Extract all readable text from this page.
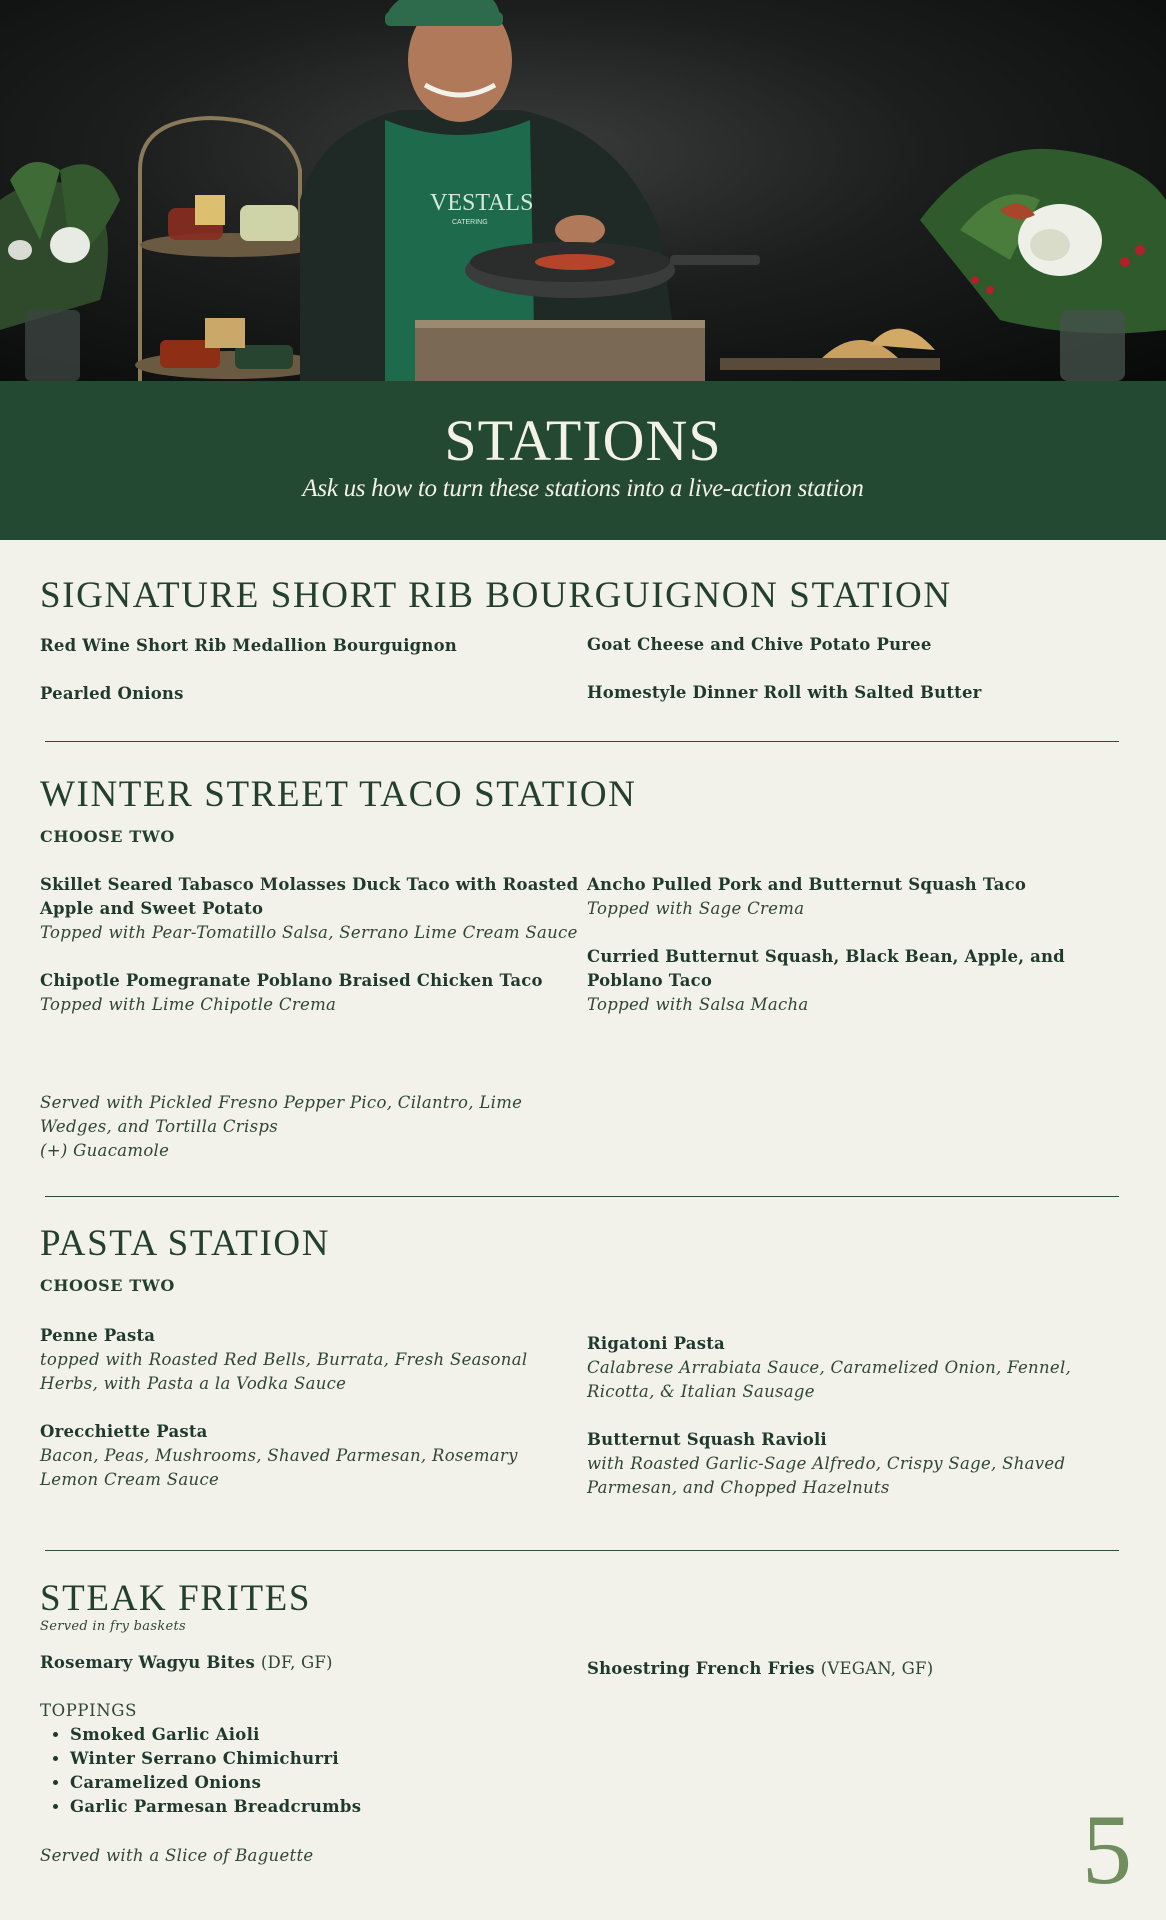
VESTALS
CATERING
STATIONS
Ask us how to turn these stations into a live-action station
SIGNATURE SHORT RIB BOURGUIGNON STATION
Red Wine Short Rib Medallion Bourguignon
Pearled Onions
Goat Cheese and Chive Potato Puree
Homestyle Dinner Roll with Salted Butter
WINTER STREET TACO STATION
CHOOSE TWO
Skillet Seared Tabasco Molasses Duck Taco with Roasted Apple and Sweet Potato
Topped with Pear-Tomatillo Salsa, Serrano Lime Cream Sauce
Chipotle Pomegranate Poblano Braised Chicken Taco
Topped with Lime Chipotle Crema
Ancho Pulled Pork and Butternut Squash Taco
Topped with Sage Crema
Curried Butternut Squash, Black Bean, Apple, and Poblano Taco
Topped with Salsa Macha
Served with Pickled Fresno Pepper Pico, Cilantro, Lime Wedges, and Tortilla Crisps
(+) Guacamole
PASTA STATION
CHOOSE TWO
Penne Pasta
topped with Roasted Red Bells, Burrata, Fresh Seasonal Herbs, with Pasta a la Vodka Sauce
Orecchiette Pasta
Bacon, Peas, Mushrooms, Shaved Parmesan, Rosemary Lemon Cream Sauce
Rigatoni Pasta
Calabrese Arrabiata Sauce, Caramelized Onion, Fennel, Ricotta, & Italian Sausage
Butternut Squash Ravioli
with Roasted Garlic-Sage Alfredo, Crispy Sage, Shaved Parmesan, and Chopped Hazelnuts
STEAK FRITES
Served in fry baskets
Rosemary Wagyu Bites (DF, GF)
TOPPINGS
• Smoked Garlic Aioli
• Winter Serrano Chimichurri
• Caramelized Onions
• Garlic Parmesan Breadcrumbs
Served with a Slice of Baguette
Shoestring French Fries (VEGAN, GF)
5
